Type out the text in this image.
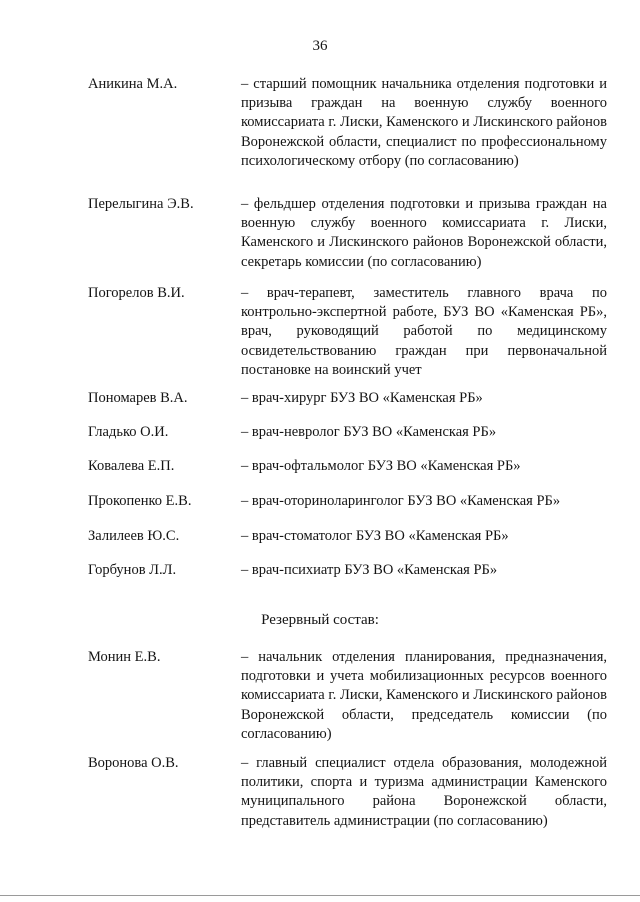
36
Аникина М.А.	– старший помощник начальника отделения подготовки и призыва граждан на военную службу военного комиссариата г. Лиски, Каменского и Лискинского районов Воронежской области, специалист по профессиональному психологическому отбору (по согласованию)
Перелыгина Э.В.	– фельдшер отделения подготовки и призыва граждан на военную службу военного комиссариата г. Лиски, Каменского и Лискинского районов Воронежской области, секретарь комиссии (по согласованию)
Погорелов В.И.	– врач-терапевт, заместитель главного врача по контрольно-экспертной работе, БУЗ ВО «Каменская РБ», врач, руководящий работой по медицинскому освидетельствованию граждан при первоначальной постановке на воинский учет
Пономарев В.А.	– врач-хирург БУЗ ВО «Каменская РБ»
Гладько О.И.	– врач-невролог БУЗ ВО «Каменская РБ»
Ковалева Е.П.	– врач-офтальмолог БУЗ ВО «Каменская РБ»
Прокопенко Е.В.	– врач-оториноларинголог БУЗ ВО «Каменская РБ»
Залилеев Ю.С.	– врач-стоматолог БУЗ ВО «Каменская РБ»
Горбунов Л.Л.	– врач-психиатр БУЗ ВО «Каменская РБ»
Резервный состав:
Монин Е.В.	– начальник отделения планирования, предназначения, подготовки и учета мобилизационных ресурсов военного комиссариата г. Лиски, Каменского и Лискинского районов Воронежской области, председатель комиссии (по согласованию)
Воронова О.В.	– главный специалист отдела образования, молодежной политики, спорта и туризма администрации Каменского муниципального района Воронежской области, представитель администрации (по согласованию)
